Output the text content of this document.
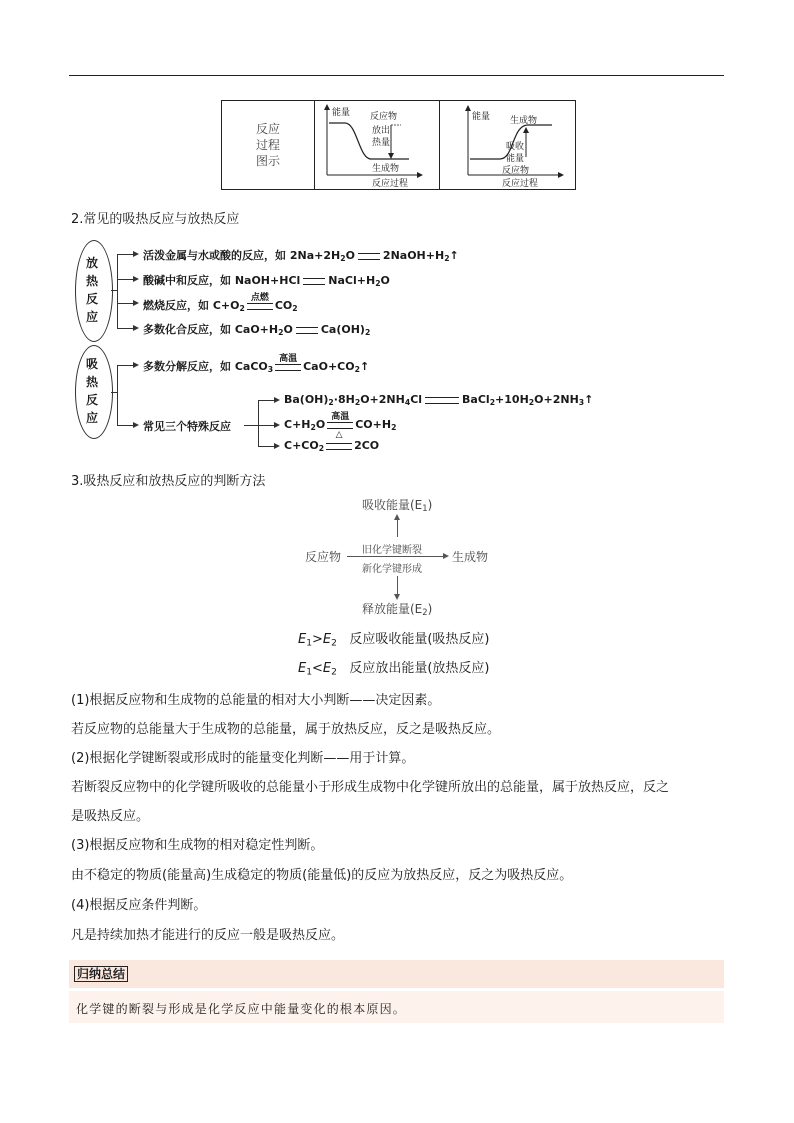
反应
过程
图示
能量 反应物
放出
热量
生成物
反应过程
能量 生成物
吸收
能量
反应物
反应过程
2.常见的吸热反应与放热反应
放
热
反
应
活泼金属与水或酸的反应，如 $2Na+2H_2O$	$2NaOH+H_2↑$
酸碱中和反应，如 NaOH+HCl	$NaCl+H_2O$
燃烧反应，如 $C+O_2$
点燃
$CO_2$
多数化合反应，如 $CaO+H_2O$	$Ca(OH)_2$
吸
热
反
应
多数分解反应，如 CaCO$_3$
高温
$CaO+CO_2↑$
常见三个特殊反应
$Ba(OH)_2\cdot 8H_2O+2NH_4Cl$	$BaCl_2+10H_2O+2NH_3↑$
$C+H_2O$
高温
$CO+H_2$
$C+CO_2$
△
2CO
3.吸热反应和放热反应的判断方法
吸收能量$(E_1)$
反应物 旧化学键断裂
新化学键形成
生成物
释放能量$(E_2)$
$E_1>E_2$ 反应吸收能量(吸热反应)
$E_1<E_2$ 反应放出能量(放热反应)
(1)根据反应物和生成物的总能量的相对大小判断——决定因素。
若反应物的总能量大于生成物的总能量，属于放热反应，反之是吸热反应。
(2)根据化学键断裂或形成时的能量变化判断——用于计算。
若断裂反应物中的化学键所吸收的总能量小于形成生成物中化学键所放出的总能量，属于放热反应，反之
是吸热反应。
(3)根据反应物和生成物的相对稳定性判断。
由不稳定的物质(能量高)生成稳定的物质(能量低)的反应为放热反应，反之为吸热反应。
(4)根据反应条件判断。
凡是持续加热才能进行的反应一般是吸热反应。
归纳总结
化学键的断裂与形成是化学反应中能量变化的根本原因。
